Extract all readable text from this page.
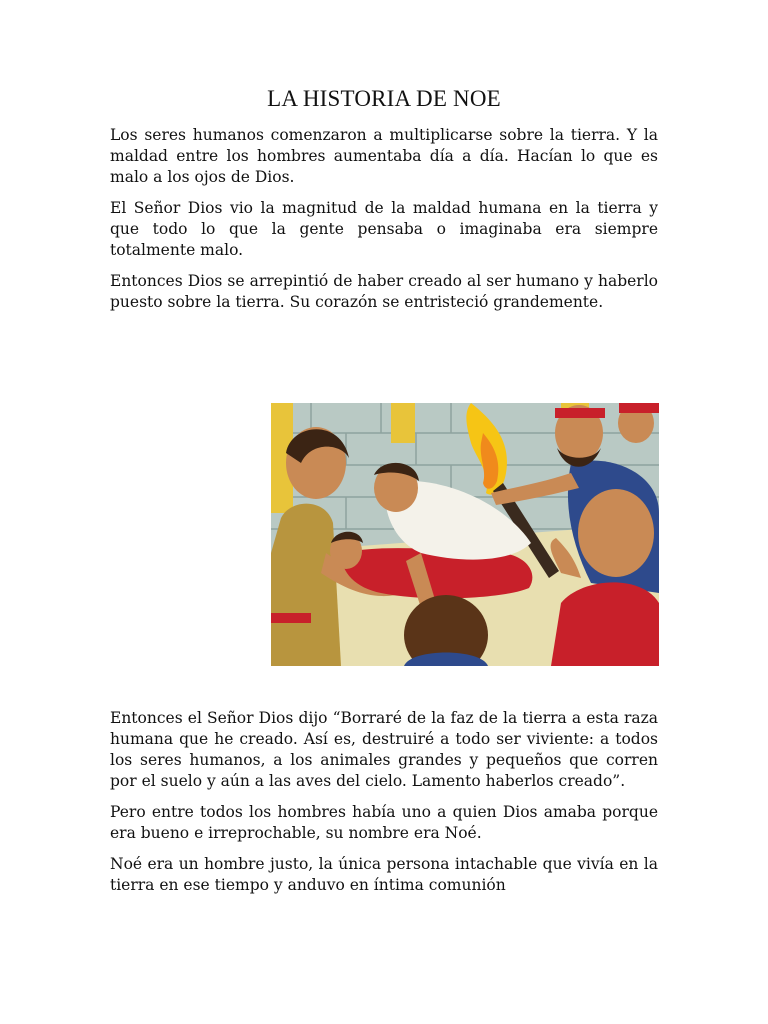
LA HISTORIA DE NOE

Los seres humanos comenzaron a multiplicarse sobre la tierra. Y la maldad entre los hombres aumentaba día a día. Hacían lo que es malo a los ojos de Dios.

El Señor Dios vio la magnitud de la maldad humana en la tierra y que todo lo que la gente pensaba o imaginaba era siempre totalmente malo.

Entonces Dios se arrepintió de haber creado al ser humano y haberlo puesto sobre la tierra. Su corazón se entristeció grandemente.

Entonces el Señor Dios dijo “Borraré de la faz de la tierra a esta raza humana que he creado. Así es, destruiré a todo ser viviente: a todos los seres humanos, a los animales grandes y pequeños que corren por el suelo y aún a las aves del cielo. Lamento haberlos creado”.

Pero entre todos los hombres había uno a quien Dios amaba porque era bueno e irreprochable, su nombre era Noé.

Noé era un hombre justo, la única persona intachable que vivía en la tierra en ese tiempo y anduvo en íntima comunión
